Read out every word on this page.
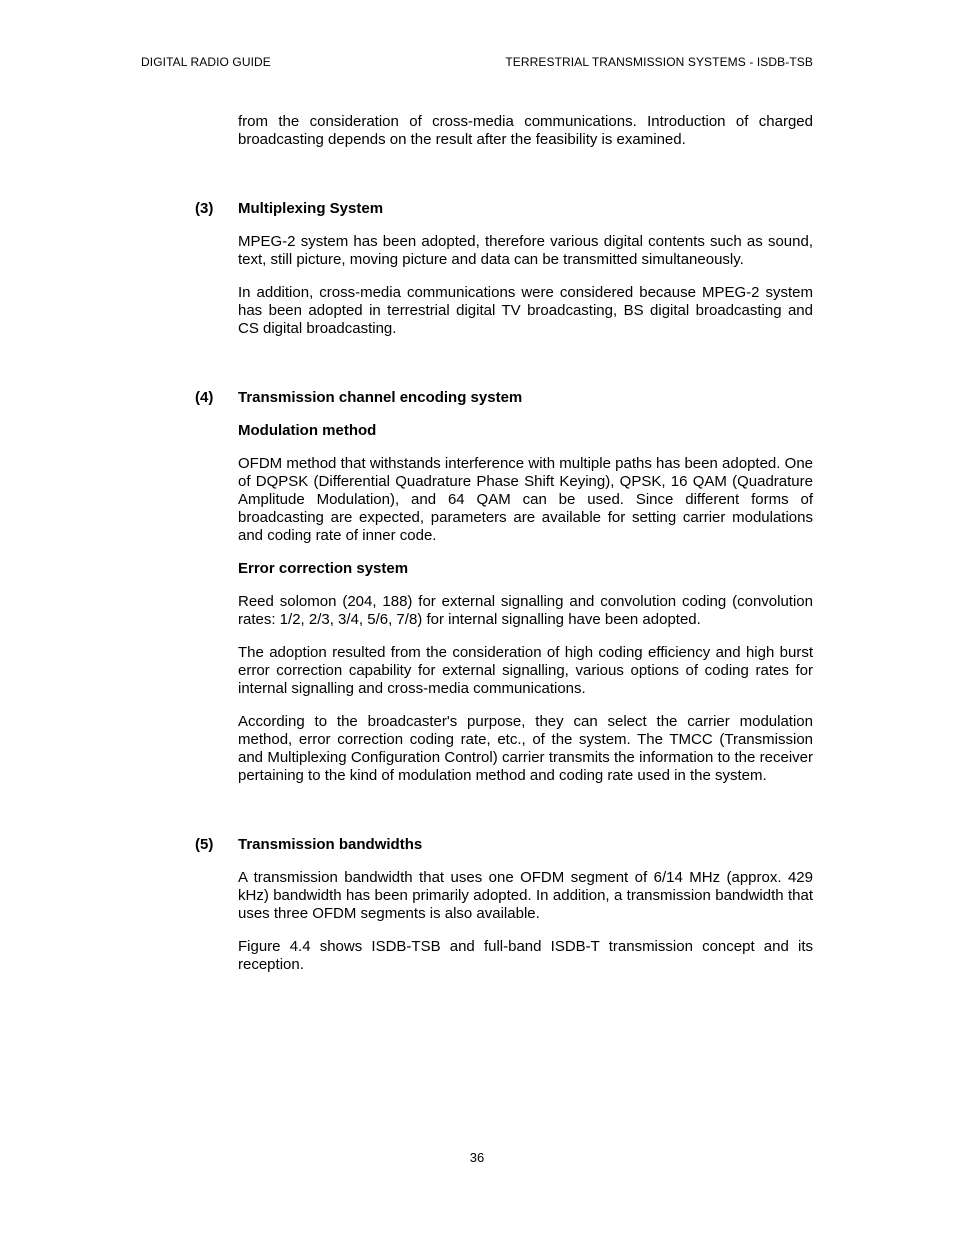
DIGITAL RADIO GUIDE	TERRESTRIAL TRANSMISSION SYSTEMS - ISDB-TSB

from the consideration of cross-media communications. Introduction of charged broadcasting depends on the result after the feasibility is examined.

(3) Multiplexing System

MPEG-2 system has been adopted, therefore various digital contents such as sound, text, still picture, moving picture and data can be transmitted simultaneously.

In addition, cross-media communications were considered because MPEG-2 system has been adopted in terrestrial digital TV broadcasting, BS digital broadcasting and CS digital broadcasting.

(4) Transmission channel encoding system

Modulation method

OFDM method that withstands interference with multiple paths has been adopted. One of DQPSK (Differential Quadrature Phase Shift Keying), QPSK, 16 QAM (Quadrature Amplitude Modulation), and 64 QAM can be used. Since different forms of broadcasting are expected, parameters are available for setting carrier modulations and coding rate of inner code.

Error correction system

Reed solomon (204, 188) for external signalling and convolution coding (convolution rates: 1/2, 2/3, 3/4, 5/6, 7/8) for internal signalling have been adopted.

The adoption resulted from the consideration of high coding efficiency and high burst error correction capability for external signalling, various options of coding rates for internal signalling and cross-media communications.

According to the broadcaster's purpose, they can select the carrier modulation method, error correction coding rate, etc., of the system. The TMCC (Transmission and Multiplexing Configuration Control) carrier transmits the information to the receiver pertaining to the kind of modulation method and coding rate used in the system.

(5) Transmission bandwidths

A transmission bandwidth that uses one OFDM segment of 6/14 MHz (approx. 429 kHz) bandwidth has been primarily adopted. In addition, a transmission bandwidth that uses three OFDM segments is also available.

Figure 4.4 shows ISDB-TSB and full-band ISDB-T transmission concept and its reception.

36
